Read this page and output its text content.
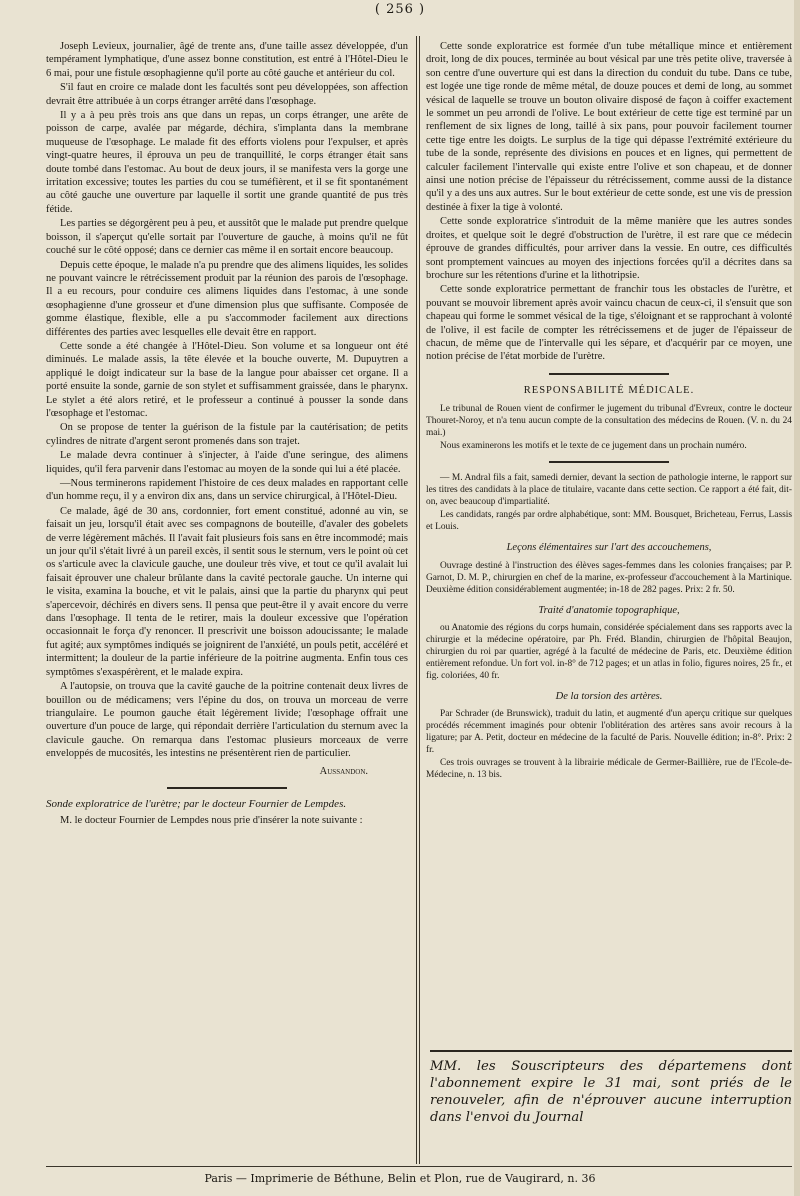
( 256 )

Joseph Levieux, journalier, âgé de trente ans, d'une taille assez développée, d'un tempérament lymphatique, d'une assez bonne constitution, est entré à l'Hôtel-Dieu le 6 mai, pour une fistule œsophagienne qu'il porte au côté gauche et antérieur du col.

S'il faut en croire ce malade dont les facultés sont peu développées, son affection devrait être attribuée à un corps étranger arrêté dans l'œsophage.

Il y a à peu près trois ans que dans un repas, un corps étranger, une arête de poisson de carpe, avalée par mégarde, déchira, s'implanta dans la membrane muqueuse de l'œsophage. Le malade fit des efforts violens pour l'expulser, et après vingt-quatre heures, il éprouva un peu de tranquillité, le corps étranger était sans doute tombé dans l'estomac. Au bout de deux jours, il se manifesta vers la gorge une irritation excessive; toutes les parties du cou se tuméfièrent, et il se fit spontanément au côté gauche une ouverture par laquelle il sortit une grande quantité de pus très fétide.

Les parties se dégorgèrent peu à peu, et aussitôt que le malade put prendre quelque boisson, il s'aperçut qu'elle sortait par l'ouverture de gauche, à moins qu'il ne fût couché sur le côté opposé; dans ce dernier cas même il en sortait encore beaucoup.

Depuis cette époque, le malade n'a pu prendre que des alimens liquides, les solides ne pouvant vaincre le rétrécissement produit par la réunion des parois de l'œsophage. Il a eu recours, pour conduire ces alimens liquides dans l'estomac, à une sonde œsophagienne d'une grosseur et d'une dimension plus que suffisante. Composée de gomme élastique, flexible, elle a pu s'accommoder facilement aux directions différentes des parties avec lesquelles elle devait être en rapport.

Cette sonde a été changée à l'Hôtel-Dieu. Son volume et sa longueur ont été diminués. Le malade assis, la tête élevée et la bouche ouverte, M. Dupuytren a appliqué le doigt indicateur sur la base de la langue pour abaisser cet organe. Il a porté ensuite la sonde, garnie de son stylet et suffisamment graissée, dans le pharynx. Le stylet a été alors retiré, et le professeur a continué à pousser la sonde dans l'œsophage et l'estomac.

On se propose de tenter la guérison de la fistule par la cautérisation; de petits cylindres de nitrate d'argent seront promenés dans son trajet.

Le malade devra continuer à s'injecter, à l'aide d'une seringue, des alimens liquides, qu'il fera parvenir dans l'estomac au moyen de la sonde qui lui a été placée.

—Nous terminerons rapidement l'histoire de ces deux malades en rapportant celle d'un homme reçu, il y a environ dix ans, dans un service chirurgical, à l'Hôtel-Dieu.

Ce malade, âgé de 30 ans, cordonnier, fort ement constitué, adonné au vin, se faisait un jeu, lorsqu'il était avec ses compagnons de bouteille, d'avaler des gobelets de verre légèrement mâchés. Il l'avait fait plusieurs fois sans en être incommodé; mais un jour qu'il s'était livré à un pareil excès, il sentit sous le sternum, vers le point où cet os s'articule avec la clavicule gauche, une douleur très vive, et tout ce qu'il avalait lui faisait éprouver une chaleur brûlante dans la cavité pectorale gauche. Un interne qui le visita, examina la bouche, et vit le palais, ainsi que la partie du pharynx qui peut s'apercevoir, déchirés en divers sens. Il pensa que peut-être il y avait encore du verre dans l'œsophage. Il tenta de le retirer, mais la douleur excessive que l'opération occasionnait le força d'y renoncer. Il prescrivit une boisson adoucissante; le malade fut agité; aux symptômes indiqués se joignirent de l'anxiété, un pouls petit, accéléré et intermittent; la douleur de la partie inférieure de la poitrine augmenta. Enfin tous ces symptômes s'exaspérèrent, et le malade expira.

A l'autopsie, on trouva que la cavité gauche de la poitrine contenait deux livres de bouillon ou de médicamens; vers l'épine du dos, on trouva un morceau de verre triangulaire. Le poumon gauche était légèrement livide; l'œsophage offrait une ouverture d'un pouce de large, qui répondait derrière l'articulation du sternum avec la clavicule gauche. On remarqua dans l'estomac plusieurs morceaux de verre enveloppés de mucosités, les intestins ne présentèrent rien de particulier.

Aussandon.

Sonde exploratrice de l'urètre; par le docteur Fournier de Lempdes.

M. le docteur Fournier de Lempdes nous prie d'insérer la note suivante :

Cette sonde exploratrice est formée d'un tube métallique mince et entièrement droit, long de dix pouces, terminée au bout vésical par une très petite olive, traversée à son centre d'une ouverture qui est dans la direction du conduit du tube. Dans ce tube, est logée une tige ronde de même métal, de douze pouces et demi de long, au sommet vésical de laquelle se trouve un bouton olivaire disposé de façon à coiffer exactement le sommet un peu arrondi de l'olive. Le bout extérieur de cette tige est terminé par un renflement de six lignes de long, taillé à six pans, pour pouvoir facilement tourner cette tige entre les doigts. Le surplus de la tige qui dépasse l'extrémité extérieure du tube de la sonde, représente des divisions en pouces et en lignes, qui permettent de calculer facilement l'intervalle qui existe entre l'olive et son chapeau, et de donner ainsi une notion précise de l'épaisseur du rétrécissement, comme aussi de la distance qu'il y a des uns aux autres. Sur le bout extérieur de cette sonde, est une vis de pression destinée à fixer la tige à volonté.

Cette sonde exploratrice s'introduit de la même manière que les autres sondes droites, et quelque soit le degré d'obstruction de l'urètre, il est rare que ce médecin éprouve de grandes difficultés, pour arriver dans la vessie. En outre, ces difficultés sont promptement vaincues au moyen des injections forcées qu'il a décrites dans sa brochure sur les rétentions d'urine et la lithotripsie.

Cette sonde exploratrice permettant de franchir tous les obstacles de l'urètre, et pouvant se mouvoir librement après avoir vaincu chacun de ceux-ci, il s'ensuit que son chapeau qui forme le sommet vésical de la tige, s'éloignant et se rapprochant à volonté de l'olive, il est facile de compter les rétrécissemens et de juger de l'épaisseur de chacun, de même que de l'intervalle qui les sépare, et d'acquérir par ce moyen, une notion précise de l'état morbide de l'urètre.

RESPONSABILITÉ MÉDICALE.

Le tribunal de Rouen vient de confirmer le jugement du tribunal d'Evreux, contre le docteur Thouret-Noroy, et n'a tenu aucun compte de la consultation des médecins de Rouen. (V. n. du 24 mai.)

Nous examinerons les motifs et le texte de ce jugement dans un prochain numéro.

— M. Andral fils a fait, samedi dernier, devant la section de pathologie interne, le rapport sur les titres des candidats à la place de titulaire, vacante dans cette section. Ce rapport a été fait, dit-on, avec beaucoup d'impartialité.

Les candidats, rangés par ordre alphabétique, sont: MM. Bousquet, Bricheteau, Ferrus, Lassis et Louis.

Leçons élémentaires sur l'art des accouchemens,

Ouvrage destiné à l'instruction des élèves sages-femmes dans les colonies françaises; par P. Garnot, D. M. P., chirurgien en chef de la marine, ex-professeur d'accouchement à la Martinique. Deuxième édition considérablement augmentée; in-18 de 282 pages. Prix: 2 fr. 50.

Traité d'anatomie topographique,

ou Anatomie des régions du corps humain, considérée spécialement dans ses rapports avec la chirurgie et la médecine opératoire, par Ph. Fréd. Blandin, chirurgien de l'hôpital Beaujon, chirurgien du roi par quartier, agrégé à la faculté de médecine de Paris, etc. Deuxième édition entièrement refondue. Un fort vol. in-8° de 712 pages; et un atlas in folio, figures noires, 25 fr., et fig. coloriées, 40 fr.

De la torsion des artères.

Par Schrader (de Brunswick), traduit du latin, et augmenté d'un aperçu critique sur quelques procédés récemment imaginés pour obtenir l'oblitération des artères sans avoir recours à la ligature; par A. Petit, docteur en médecine de la faculté de Paris. Nouvelle édition; in-8°. Prix: 2 fr.

Ces trois ouvrages se trouvent à la librairie médicale de Germer-Baillière, rue de l'Ecole-de-Médecine, n. 13 bis.

MM. les Souscripteurs des départemens dont l'abonnement expire le 31 mai, sont priés de le renouveler, afin de n'éprouver aucune interruption dans l'envoi du Journal
Paris — Imprimerie de Béthune, Belin et Plon, rue de Vaugirard, n. 36
